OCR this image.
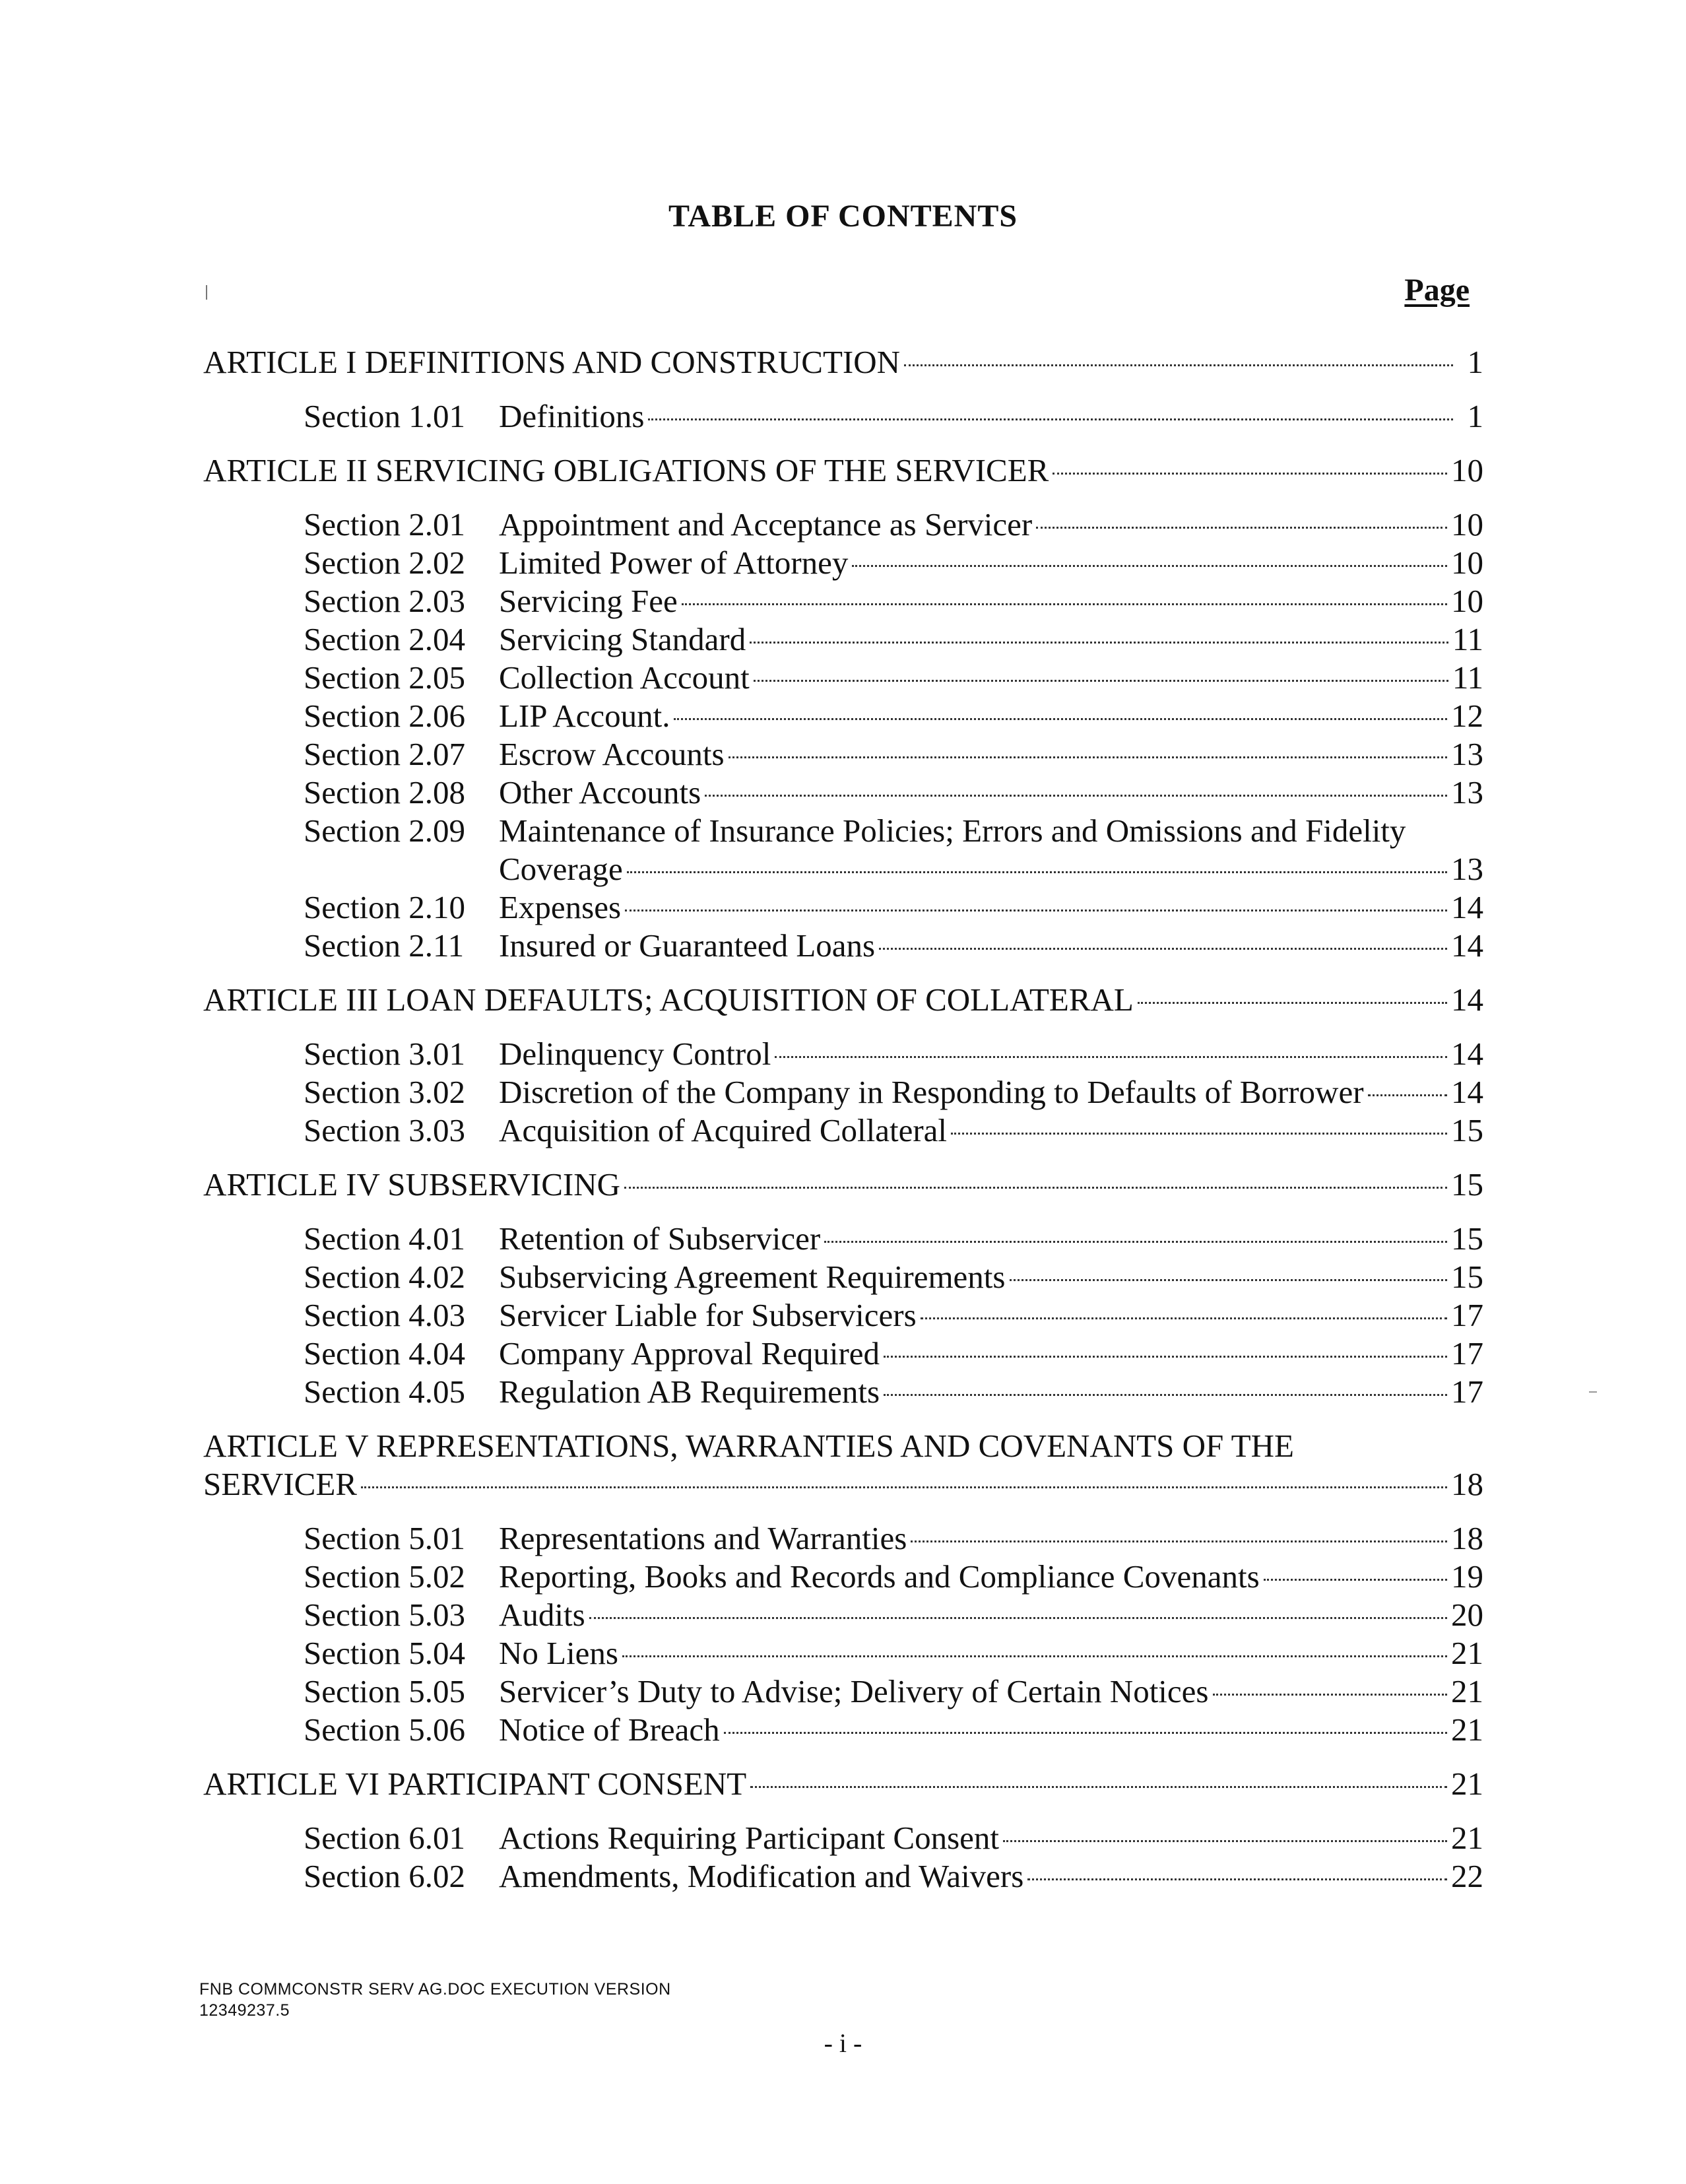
TABLE OF CONTENTS
Page
ARTICLE I DEFINITIONS AND CONSTRUCTION	1
Section 1.01	Definitions	1
ARTICLE II SERVICING OBLIGATIONS OF THE SERVICER	10
Section 2.01	Appointment and Acceptance as Servicer	10
Section 2.02	Limited Power of Attorney	10
Section 2.03	Servicing Fee	10
Section 2.04	Servicing Standard	11
Section 2.05	Collection Account	11
Section 2.06	LIP Account.	12
Section 2.07	Escrow Accounts	13
Section 2.08	Other Accounts	13
Section 2.09	Maintenance of Insurance Policies; Errors and Omissions and Fidelity
Coverage	13
Section 2.10	Expenses	14
Section 2.11	Insured or Guaranteed Loans	14
ARTICLE III LOAN DEFAULTS; ACQUISITION OF COLLATERAL	14
Section 3.01	Delinquency Control	14
Section 3.02	Discretion of the Company in Responding to Defaults of Borrower	14
Section 3.03	Acquisition of Acquired Collateral	15
ARTICLE IV SUBSERVICING	15
Section 4.01	Retention of Subservicer	15
Section 4.02	Subservicing Agreement Requirements	15
Section 4.03	Servicer Liable for Subservicers	17
Section 4.04	Company Approval Required	17
Section 4.05	Regulation AB Requirements	17
ARTICLE V REPRESENTATIONS, WARRANTIES AND COVENANTS OF THE
SERVICER	18
Section 5.01	Representations and Warranties	18
Section 5.02	Reporting, Books and Records and Compliance Covenants	19
Section 5.03	Audits	20
Section 5.04	No Liens	21
Section 5.05	Servicer’s Duty to Advise; Delivery of Certain Notices	21
Section 5.06	Notice of Breach	21
ARTICLE VI PARTICIPANT CONSENT	21
Section 6.01	Actions Requiring Participant Consent	21
Section 6.02	Amendments, Modification and Waivers	22
FNB COMMCONSTR SERV AG.DOC EXECUTION VERSION
12349237.5
- i -
